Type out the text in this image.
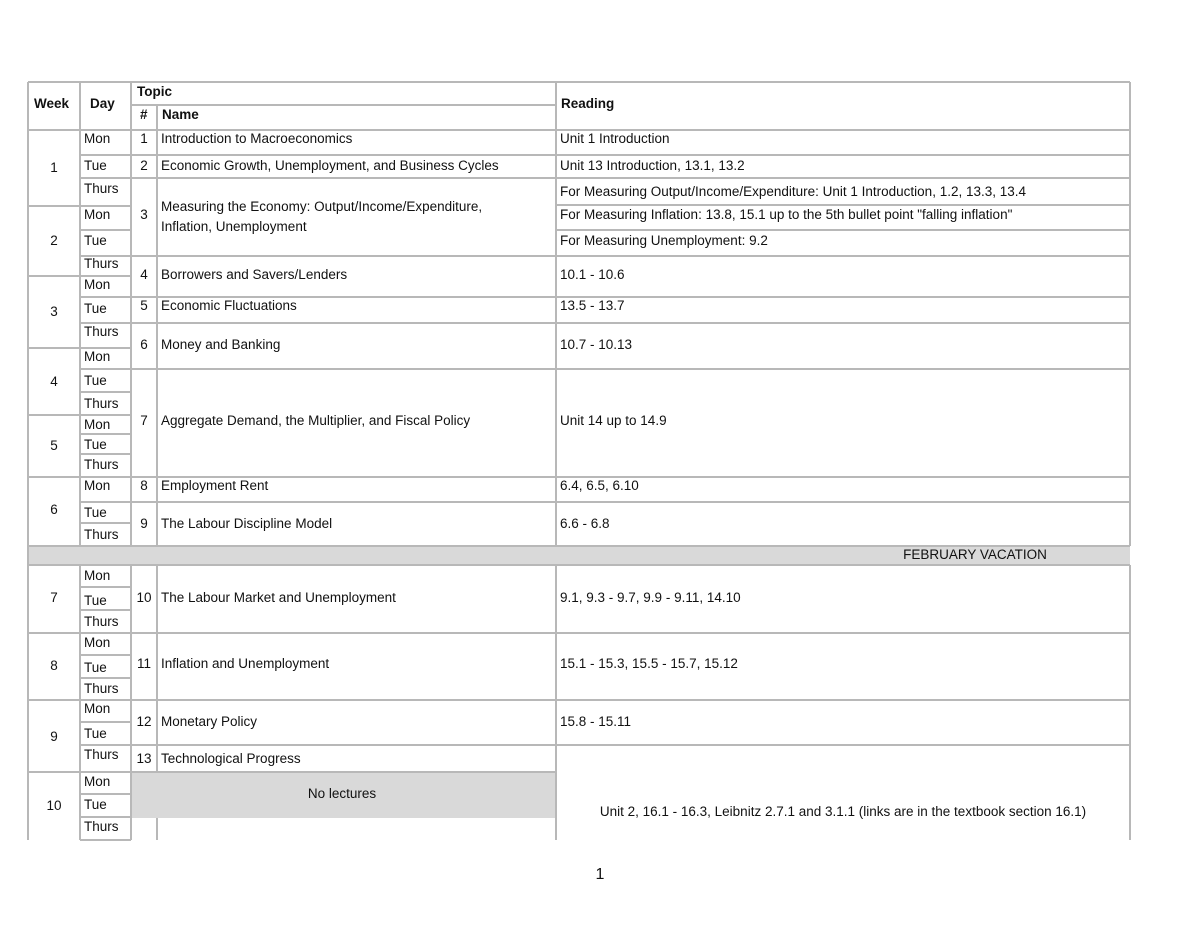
Week Day
Topic
# Name
Reading
1
2
3
4
5
6
7
8
9
10
Mon
Tue
Thurs
Mon
Tue
Thurs
Mon
Tue
Thurs
Mon
Tue
Thurs
Mon
Tue
Thurs
Mon
Tue
Thurs
Mon
Tue
Thurs
Mon
Tue
Thurs
Mon
Tue
Thurs
Mon
Tue
Thurs
1
2
3
4
5
6
7
8
9
10
11
12
13
Introduction to Macroeconomics
Economic Growth, Unemployment, and Business Cycles
Measuring the Economy: Output/Income/Expenditure,
Inflation, Unemployment
Borrowers and Savers/Lenders
Economic Fluctuations
Money and Banking
Aggregate Demand, the Multiplier, and Fiscal Policy
Employment Rent
The Labour Discipline Model
The Labour Market and Unemployment
Inflation and Unemployment
Monetary Policy
Technological Progress
Unit 1 Introduction
Unit 13 Introduction, 13.1, 13.2
For Measuring Output/Income/Expenditure: Unit 1 Introduction, 1.2, 13.3, 13.4
For Measuring Inflation: 13.8, 15.1 up to the 5th bullet point "falling inflation"
For Measuring Unemployment: 9.2
10.1 - 10.6
13.5 - 13.7
10.7 - 10.13
Unit 14 up to 14.9
6.4, 6.5, 6.10
6.6 - 6.8
9.1, 9.3 - 9.7, 9.9 - 9.11, 14.10
15.1 - 15.3, 15.5 - 15.7, 15.12
15.8 - 15.11
Unit 2, 16.1 - 16.3, Leibnitz 2.7.1 and 3.1.1 (links are in the textbook section 16.1)
FEBRUARY VACATION
No lectures
1
